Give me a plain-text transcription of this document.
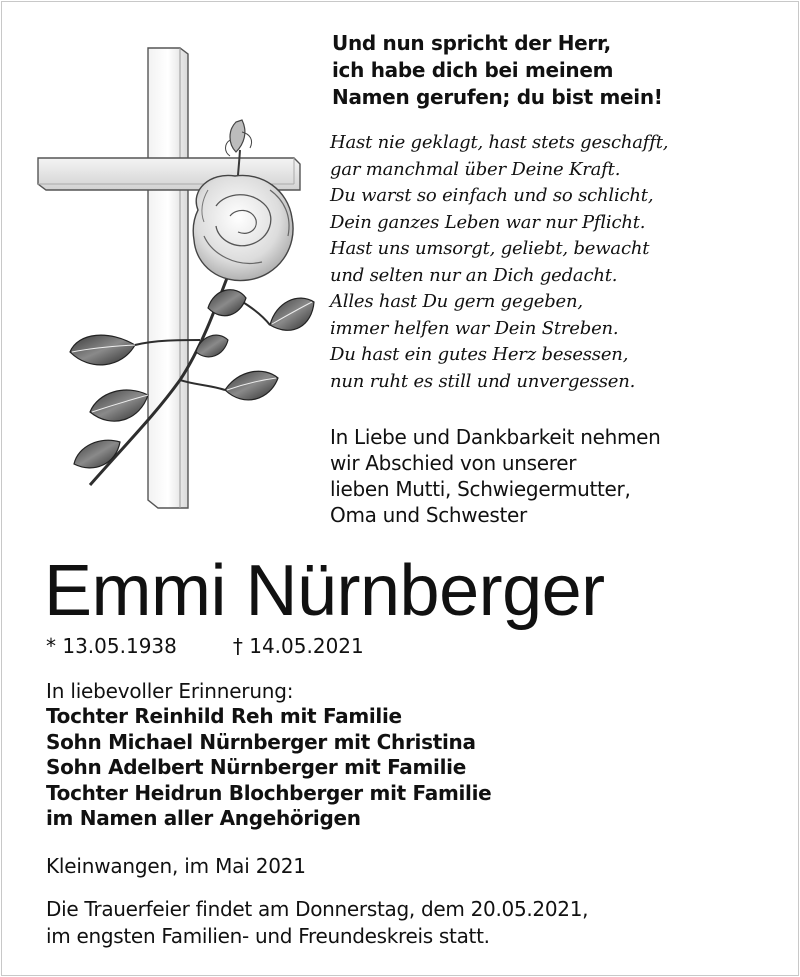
Und nun spricht der Herr,
ich habe dich bei meinem
Namen gerufen; du bist mein!
Hast nie geklagt, hast stets geschafft,
gar manchmal über Deine Kraft.
Du warst so einfach und so schlicht,
Dein ganzes Leben war nur Pflicht.
Hast uns umsorgt, geliebt, bewacht
und selten nur an Dich gedacht.
Alles hast Du gern gegeben,
immer helfen war Dein Streben.
Du hast ein gutes Herz besessen,
nun ruht es still und unvergessen.
In Liebe und Dankbarkeit nehmen
wir Abschied von unserer
lieben Mutti, Schwiegermutter,
Oma und Schwester
Emmi Nürnberger
* 13.05.1938	† 14.05.2021
In liebevoller Erinnerung:
Tochter Reinhild Reh mit Familie
Sohn Michael Nürnberger mit Christina
Sohn Adelbert Nürnberger mit Familie
Tochter Heidrun Blochberger mit Familie
im Namen aller Angehörigen
Kleinwangen, im Mai 2021
Die Trauerfeier findet am Donnerstag, dem 20.05.2021,
im engsten Familien- und Freundeskreis statt.
